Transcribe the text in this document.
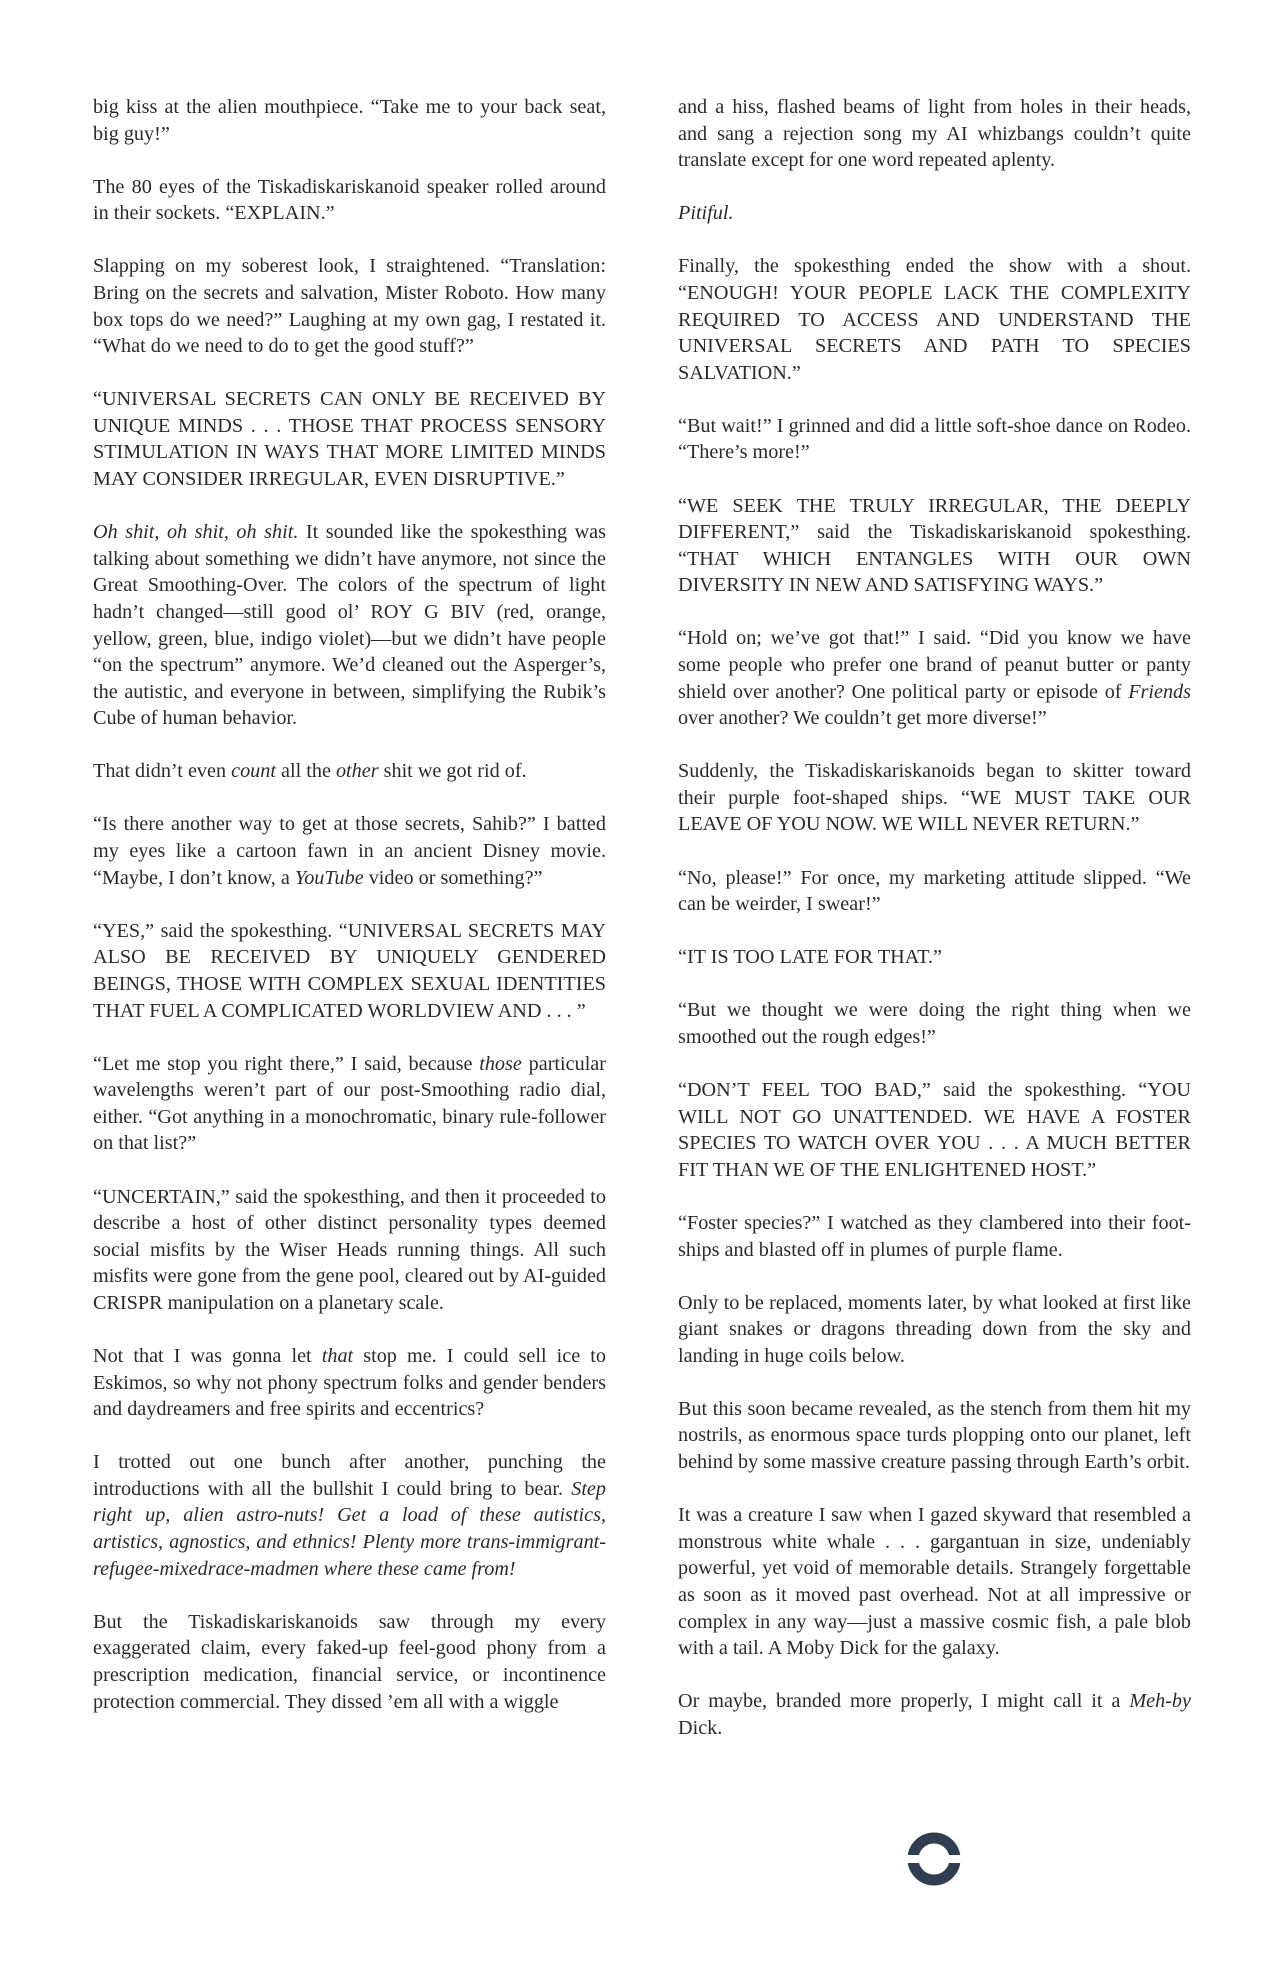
big kiss at the alien mouthpiece. “Take me to your back seat, big guy!”

The 80 eyes of the Tiskadiskariskanoid speaker rolled around in their sockets. “EXPLAIN.”

Slapping on my soberest look, I straightened. “Translation: Bring on the secrets and salvation, Mister Roboto. How many box tops do we need?” Laughing at my own gag, I restated it. “What do we need to do to get the good stuff?”

“UNIVERSAL SECRETS CAN ONLY BE RECEIVED BY UNIQUE MINDS . . . THOSE THAT PROCESS SENSORY STIMULATION IN WAYS THAT MORE LIMITED MINDS MAY CONSIDER IRREGULAR, EVEN DISRUPTIVE.”

Oh shit, oh shit, oh shit. It sounded like the spokesthing was talking about something we didn’t have anymore, not since the Great Smoothing-Over. The colors of the spectrum of light hadn’t changed—still good ol’ ROY G BIV (red, orange, yellow, green, blue, indigo violet)—but we didn’t have people “on the spectrum” anymore. We’d cleaned out the Asperger’s, the autistic, and everyone in between, simplifying the Rubik’s Cube of human behavior.

That didn’t even count all the other shit we got rid of.

“Is there another way to get at those secrets, Sahib?” I batted my eyes like a cartoon fawn in an ancient Disney movie. “Maybe, I don’t know, a YouTube video or something?”

“YES,” said the spokesthing. “UNIVERSAL SECRETS MAY ALSO BE RECEIVED BY UNIQUELY GENDERED BEINGS, THOSE WITH COMPLEX SEXUAL IDENTITIES THAT FUEL A COMPLICATED WORLDVIEW AND . . . ”

“Let me stop you right there,” I said, because those particular wavelengths weren’t part of our post-Smoothing radio dial, either. “Got anything in a monochromatic, binary rule-follower on that list?”

“UNCERTAIN,” said the spokesthing, and then it proceeded to describe a host of other distinct personality types deemed social misfits by the Wiser Heads running things. All such misfits were gone from the gene pool, cleared out by AI-guided CRISPR manipulation on a planetary scale.

Not that I was gonna let that stop me. I could sell ice to Eskimos, so why not phony spectrum folks and gender benders and daydreamers and free spirits and eccentrics?

I trotted out one bunch after another, punching the introductions with all the bullshit I could bring to bear. Step right up, alien astro-nuts! Get a load of these autistics, artistics, agnostics, and ethnics! Plenty more trans-immigrant-refugee-mixedrace-madmen where these came from!

But the Tiskadiskariskanoids saw through my every exaggerated claim, every faked-up feel-good phony from a prescription medication, financial service, or incontinence protection commercial. They dissed ’em all with a wiggle

and a hiss, flashed beams of light from holes in their heads, and sang a rejection song my AI whizbangs couldn’t quite translate except for one word repeated aplenty.

Pitiful.

Finally, the spokesthing ended the show with a shout. “ENOUGH! YOUR PEOPLE LACK THE COMPLEXITY REQUIRED TO ACCESS AND UNDERSTAND THE UNIVERSAL SECRETS AND PATH TO SPECIES SALVATION.”

“But wait!” I grinned and did a little soft-shoe dance on Rodeo. “There’s more!”

“WE SEEK THE TRULY IRREGULAR, THE DEEPLY DIFFERENT,” said the Tiskadiskariskanoid spokesthing. “THAT WHICH ENTANGLES WITH OUR OWN DIVERSITY IN NEW AND SATISFYING WAYS.”

“Hold on; we’ve got that!” I said. “Did you know we have some people who prefer one brand of peanut butter or panty shield over another? One political party or episode of Friends over another? We couldn’t get more diverse!”

Suddenly, the Tiskadiskariskanoids began to skitter toward their purple foot-shaped ships. “WE MUST TAKE OUR LEAVE OF YOU NOW. WE WILL NEVER RETURN.”

“No, please!” For once, my marketing attitude slipped. “We can be weirder, I swear!”

“IT IS TOO LATE FOR THAT.”

“But we thought we were doing the right thing when we smoothed out the rough edges!”

“DON’T FEEL TOO BAD,” said the spokesthing. “YOU WILL NOT GO UNATTENDED. WE HAVE A FOSTER SPECIES TO WATCH OVER YOU . . . A MUCH BETTER FIT THAN WE OF THE ENLIGHTENED HOST.”

“Foster species?” I watched as they clambered into their foot-ships and blasted off in plumes of purple flame.

Only to be replaced, moments later, by what looked at first like giant snakes or dragons threading down from the sky and landing in huge coils below.

But this soon became revealed, as the stench from them hit my nostrils, as enormous space turds plopping onto our planet, left behind by some massive creature passing through Earth’s orbit.

It was a creature I saw when I gazed skyward that resembled a monstrous white whale . . . gargantuan in size, undeniably powerful, yet void of memorable details. Strangely forgettable as soon as it moved past overhead. Not at all impressive or complex in any way—just a massive cosmic fish, a pale blob with a tail. A Moby Dick for the galaxy.

Or maybe, branded more properly, I might call it a Meh-by Dick.
